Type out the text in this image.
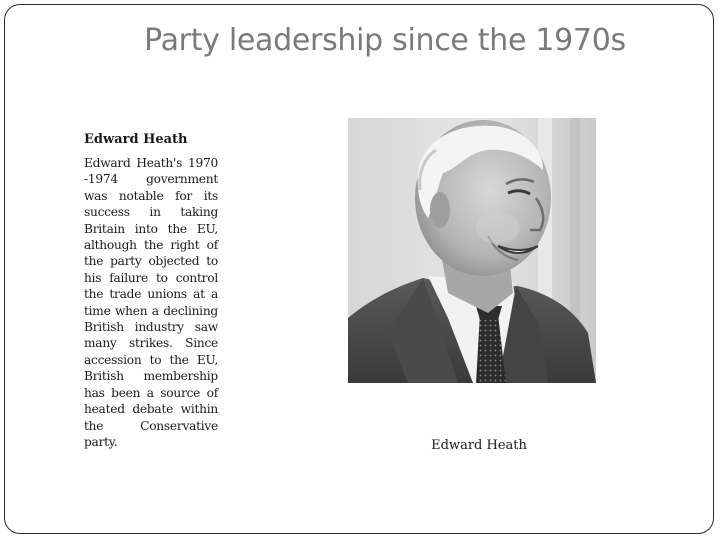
Party leadership since the 1970s

Edward Heath

Edward Heath's 1970 -1974 government was notable for its success in taking Britain into the EU, although the right of the party objected to his failure to control the trade unions at a time when a declining British industry saw many strikes. Since accession to the EU, British membership has been a source of heated debate within the Conservative party.	Edward Heath
